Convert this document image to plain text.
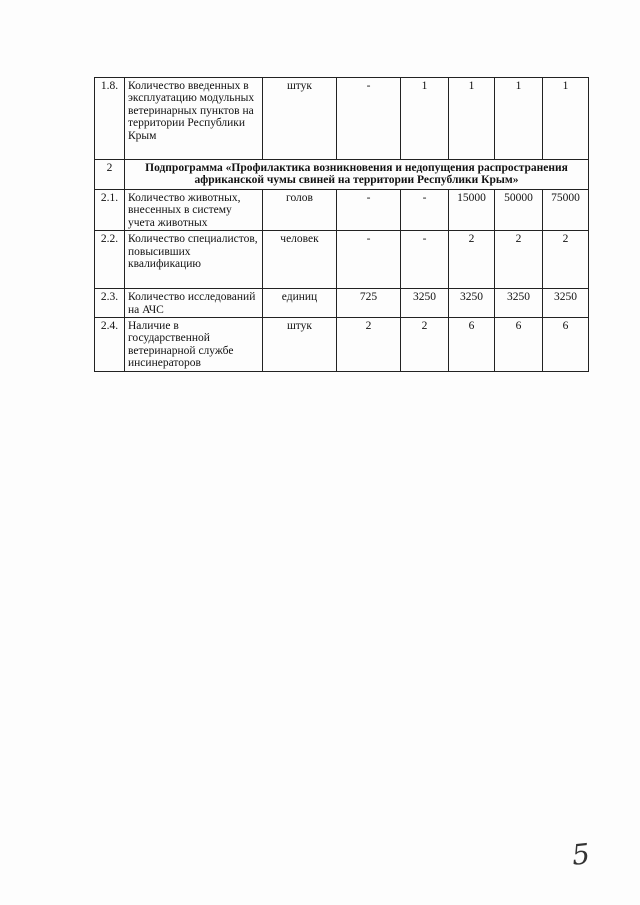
1.8.	Количество введенных в эксплуатацию модульных ветеринарных пунктов на территории Республики Крым	штук	-	1	1	1	1
2	Подпрограмма «Профилактика возникновения и недопущения распространения африканской чумы свиней на территории Республики Крым»						
2.1.	Количество животных, внесенных в систему учета животных	голов	-	-	15000	50000	75000
2.2.	Количество специалистов, повысивших квалификацию	человек	-	-	2	2	2
2.3.	Количество исследований на АЧС	единиц	725	3250	3250	3250	3250
2.4.	Наличие в государственной ветеринарной службе инсинераторов	штук	2	2	6	6	6
5
